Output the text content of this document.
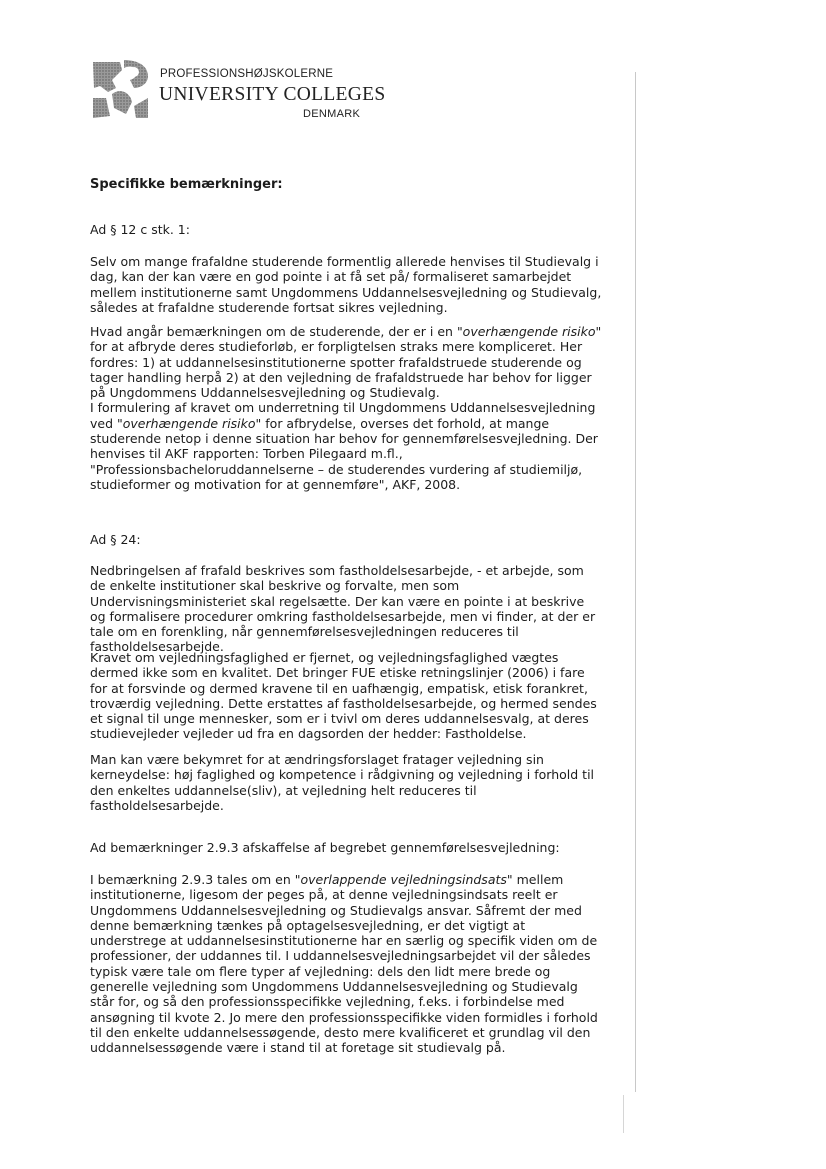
PROFESSIONSHØJSKOLERNE
UNIVERSITY COLLEGES
DENMARK

Specifikke bemærkninger:

Ad § 12 c stk. 1:

Selv om mange frafaldne studerende formentlig allerede henvises til Studievalg i dag, kan der kan være en god pointe i at få set på/ formaliseret samarbejdet mellem institutionerne samt Ungdommens Uddannelsesvejledning og Studievalg, således at frafaldne studerende fortsat sikres vejledning.

Hvad angår bemærkningen om de studerende, der er i en "overhængende risiko" for at afbryde deres studieforløb, er forpligtelsen straks mere kompliceret. Her fordres: 1) at uddannelsesinstitutionerne spotter frafaldstruede studerende og tager handling herpå 2) at den vejledning de frafaldstruede har behov for ligger på Ungdommens Uddannelsesvejledning og Studievalg.
I formulering af kravet om underretning til Ungdommens Uddannelsesvejledning ved "overhængende risiko" for afbrydelse, overses det forhold, at mange studerende netop i denne situation har behov for gennemførelsesvejledning. Der henvises til AKF rapporten: Torben Pilegaard m.fl., "Professionsbacheloruddannelserne – de studerendes vurdering af studiemiljø, studieformer og motivation for at gennemføre", AKF, 2008.

Ad § 24:

Nedbringelsen af frafald beskrives som fastholdelsesarbejde, - et arbejde, som de enkelte institutioner skal beskrive og forvalte, men som Undervisningsministeriet skal regelsætte. Der kan være en pointe i at beskrive og formalisere procedurer omkring fastholdelsesarbejde, men vi finder, at der er tale om en forenkling, når gennemførelsesvejledningen reduceres til fastholdelsesarbejde.

Kravet om vejledningsfaglighed er fjernet, og vejledningsfaglighed vægtes dermed ikke som en kvalitet. Det bringer FUE etiske retningslinjer (2006) i fare for at forsvinde og dermed kravene til en uafhængig, empatisk, etisk forankret, troværdig vejledning. Dette erstattes af fastholdelsesarbejde, og hermed sendes et signal til unge mennesker, som er i tvivl om deres uddannelsesvalg, at deres studievejleder vejleder ud fra en dagsorden der hedder: Fastholdelse.

Man kan være bekymret for at ændringsforslaget fratager vejledning sin kerneydelse: høj faglighed og kompetence i rådgivning og vejledning i forhold til den enkeltes uddannelse(sliv), at vejledning helt reduceres til fastholdelsesarbejde.

Ad bemærkninger 2.9.3 afskaffelse af begrebet gennemførelsesvejledning:

I bemærkning 2.9.3 tales om en "overlappende vejledningsindsats" mellem institutionerne, ligesom der peges på, at denne vejledningsindsats reelt er Ungdommens Uddannelsesvejledning og Studievalgs ansvar. Såfremt der med denne bemærkning tænkes på optagelsesvejledning, er det vigtigt at understrege at uddannelsesinstitutionerne har en særlig og specifik viden om de professioner, der uddannes til. I uddannelsesvejledningsarbejdet vil der således typisk være tale om flere typer af vejledning: dels den lidt mere brede og generelle vejledning som Ungdommens Uddannelsesvejledning og Studievalg står for, og så den professionsspecifikke vejledning, f.eks. i forbindelse med ansøgning til kvote 2. Jo mere den professionsspecifikke viden formidles i forhold til den enkelte uddannelsessøgende, desto mere kvalificeret et grundlag vil den uddannelsessøgende være i stand til at foretage sit studievalg på.
